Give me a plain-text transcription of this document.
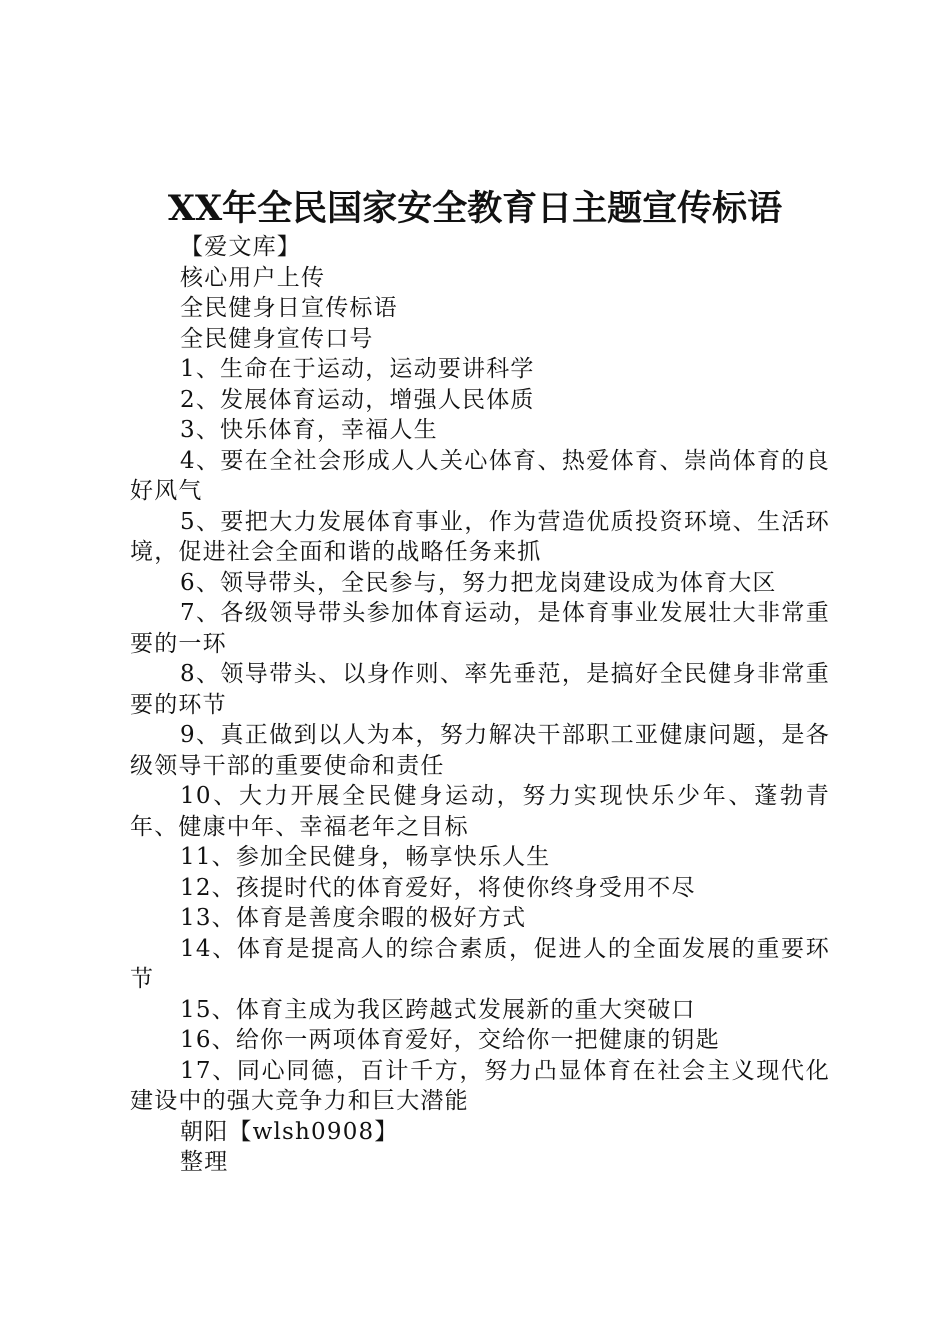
XX年全民国家安全教育日主题宣传标语

【爱文库】

核心用户上传

全民健身日宣传标语

全民健身宣传口号

1、生命在于运动，运动要讲科学

2、发展体育运动，增强人民体质

3、快乐体育，幸福人生

4、要在全社会形成人人关心体育、热爱体育、崇尚体育的良好风气

5、要把大力发展体育事业，作为营造优质投资环境、生活环境，促进社会全面和谐的战略任务来抓

6、领导带头，全民参与，努力把龙岗建设成为体育大区

7、各级领导带头参加体育运动，是体育事业发展壮大非常重要的一环

8、领导带头、以身作则、率先垂范，是搞好全民健身非常重要的环节

9、真正做到以人为本，努力解决干部职工亚健康问题，是各级领导干部的重要使命和责任

10、大力开展全民健身运动，努力实现快乐少年、蓬勃青年、健康中年、幸福老年之目标

11、参加全民健身，畅享快乐人生

12、孩提时代的体育爱好，将使你终身受用不尽

13、体育是善度余暇的极好方式

14、体育是提高人的综合素质，促进人的全面发展的重要环节

15、体育主成为我区跨越式发展新的重大突破口

16、给你一两项体育爱好，交给你一把健康的钥匙

17、同心同德，百计千方，努力凸显体育在社会主义现代化建设中的强大竞争力和巨大潜能

朝阳【wlsh0908】

整理
